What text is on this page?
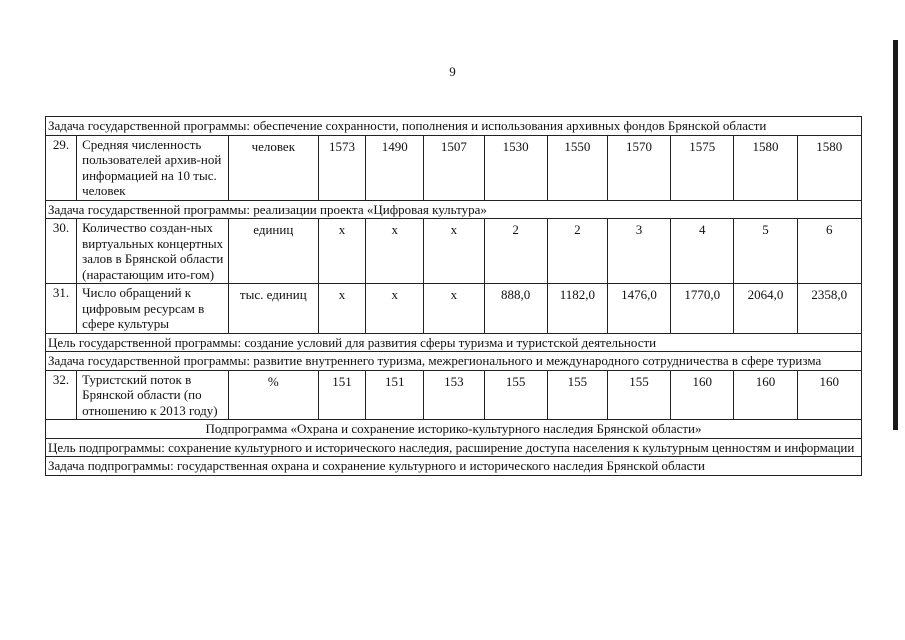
9
Задача государственной программы: обеспечение сохранности, пополнения и использования архивных фондов Брянской области											
29.	Средняя численность пользователей архив-ной информацией на 10 тыс. человек	человек	1573	1490	1507	1530	1550	1570	1575	1580	1580
Задача государственной программы: реализации проекта «Цифровая культура»											
30.	Количество создан-ных виртуальных концертных залов в Брянской области (нарастающим ито-гом)	единиц	х	х	х	2	2	3	4	5	6
31.	Число обращений к цифровым ресурсам в сфере культуры	тыс. единиц	х	х	х	888,0	1182,0	1476,0	1770,0	2064,0	2358,0
Цель государственной программы: создание условий для развития сферы туризма и туристской деятельности											
Задача государственной программы: развитие внутреннего туризма, межрегионального и международного сотрудничества в сфере туризма											
32.	Туристский поток в Брянской области (по отношению к 2013 году)	%	151	151	153	155	155	155	160	160	160
Подпрограмма «Охрана и сохранение историко-культурного наследия Брянской области»											
Цель подпрограммы: сохранение культурного и исторического наследия, расширение доступа населения к культурным ценностям и информации											
Задача подпрограммы: государственная охрана и сохранение культурного и исторического наследия Брянской области											
